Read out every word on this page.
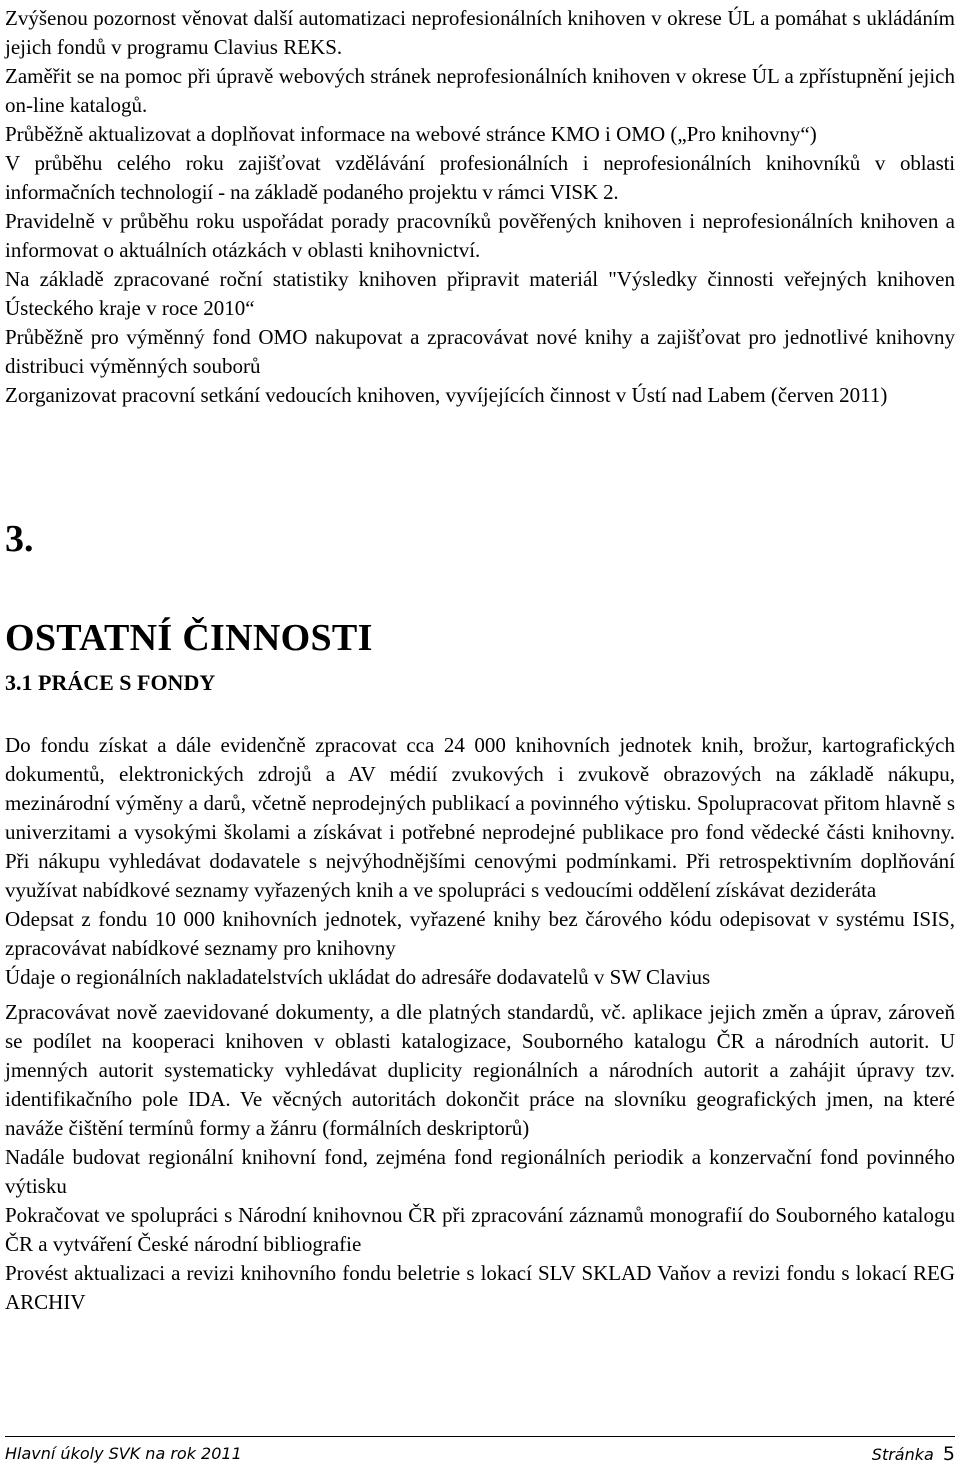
Zvýšenou pozornost věnovat další automatizaci neprofesionálních knihoven v okrese ÚL a pomáhat s ukládáním jejich fondů v programu Clavius REKS.

Zaměřit se na pomoc při úpravě webových stránek neprofesionálních knihoven v okrese ÚL a zpřístupnění jejich on-line katalogů.

Průběžně aktualizovat a doplňovat informace na webové stránce KMO i OMO („Pro knihovny“)

V průběhu celého roku zajišťovat vzdělávání profesionálních i neprofesionálních knihovníků v oblasti informačních technologií - na základě podaného projektu v rámci VISK 2.

Pravidelně v průběhu roku uspořádat porady pracovníků pověřených knihoven i neprofesionálních knihoven a informovat o aktuálních otázkách v oblasti knihovnictví.

Na základě zpracované roční statistiky knihoven připravit materiál "Výsledky činnosti veřejných knihoven Ústeckého kraje v roce 2010“

Průběžně pro výměnný fond OMO nakupovat a zpracovávat nové knihy a zajišťovat pro jednotlivé knihovny distribuci výměnných souborů

Zorganizovat pracovní setkání vedoucích knihoven, vyvíjejících činnost v Ústí nad Labem (červen 2011)

3.
OSTATNÍ ČINNOSTI
3.1 PRÁCE S FONDY

Do fondu získat a dále evidenčně zpracovat cca 24 000 knihovních jednotek knih, brožur, kartografických dokumentů, elektronických zdrojů a AV médií zvukových i zvukově obrazových na základě nákupu, mezinárodní výměny a darů, včetně neprodejných publikací a povinného výtisku. Spolupracovat přitom hlavně s univerzitami a vysokými školami a získávat i potřebné neprodejné publikace pro fond vědecké části knihovny. Při nákupu vyhledávat dodavatele s nejvýhodnějšími cenovými podmínkami. Při retrospektivním doplňování využívat nabídkové seznamy vyřazených knih a ve spolupráci s vedoucími oddělení získávat dezideráta

Odepsat z fondu 10 000 knihovních jednotek, vyřazené knihy bez čárového kódu odepisovat v systému ISIS, zpracovávat nabídkové seznamy pro knihovny

Údaje o regionálních nakladatelstvích ukládat do adresáře dodavatelů v SW Clavius

Zpracovávat nově zaevidované dokumenty, a dle platných standardů, vč. aplikace jejich změn a úprav, zároveň se podílet na kooperaci knihoven v oblasti katalogizace, Souborného katalogu ČR a národních autorit. U jmenných autorit systematicky vyhledávat duplicity regionálních a národních autorit a zahájit úpravy tzv. identifikačního pole IDA. Ve věcných autoritách dokončit práce na slovníku geografických jmen, na které naváže čištění termínů formy a žánru (formálních deskriptorů)

Nadále budovat regionální knihovní fond, zejména fond regionálních periodik a konzervační fond povinného výtisku

Pokračovat ve spolupráci s Národní knihovnou ČR při zpracování záznamů monografií do Souborného katalogu ČR a vytváření České národní bibliografie

Provést aktualizaci a revizi knihovního fondu beletrie s lokací SLV SKLAD Vaňov a revizi fondu s lokací REG ARCHIV

Hlavní úkoly SVK na rok 2011	Stránka 5
